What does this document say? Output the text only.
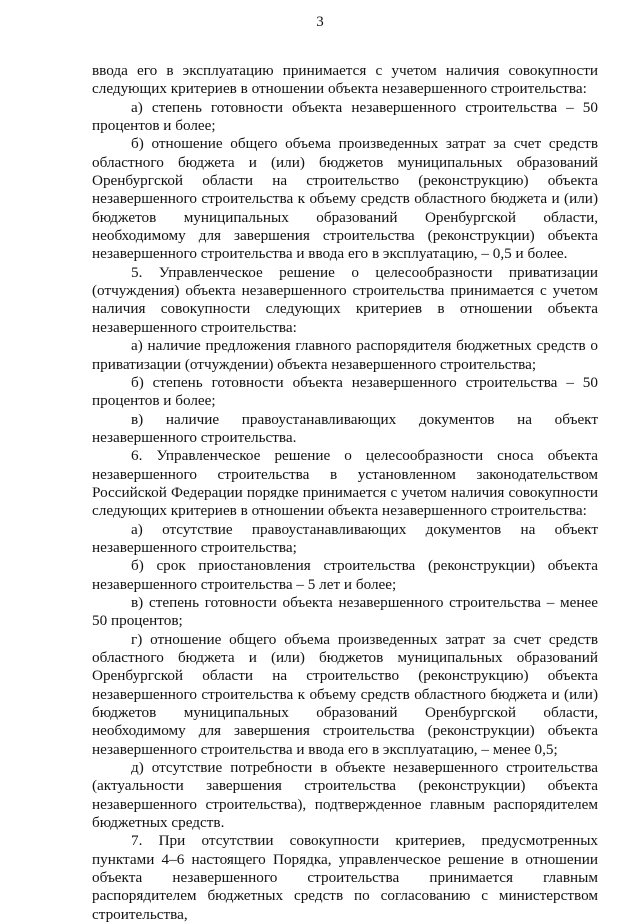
3

ввода его в эксплуатацию принимается с учетом наличия совокупности следующих критериев в отношении объекта незавершенного строительства:

а) степень готовности объекта незавершенного строительства – 50 процентов и более;

б) отношение общего объема произведенных затрат за счет средств областного бюджета и (или) бюджетов муниципальных образований Оренбургской области на строительство (реконструкцию) объекта незавершенного строительства к объему средств областного бюджета и (или) бюджетов муниципальных образований Оренбургской области, необходимому для завершения строительства (реконструкции) объекта незавершенного строительства и ввода его в эксплуатацию, – 0,5 и более.

5. Управленческое решение о целесообразности приватизации (отчуждения) объекта незавершенного строительства принимается с учетом наличия совокупности следующих критериев в отношении объекта незавершенного строительства:

а) наличие предложения главного распорядителя бюджетных средств о приватизации (отчуждении) объекта незавершенного строительства;

б) степень готовности объекта незавершенного строительства – 50 процентов и более;

в) наличие правоустанавливающих документов на объект незавершенного строительства.

6. Управленческое решение о целесообразности сноса объекта незавершенного строительства в установленном законодательством Российской Федерации порядке принимается с учетом наличия совокупности следующих критериев в отношении объекта незавершенного строительства:

а) отсутствие правоустанавливающих документов на объект незавершенного строительства;

б) срок приостановления строительства (реконструкции) объекта незавершенного строительства – 5 лет и более;

в) степень готовности объекта незавершенного строительства – менее 50 процентов;

г) отношение общего объема произведенных затрат за счет средств областного бюджета и (или) бюджетов муниципальных образований Оренбургской области на строительство (реконструкцию) объекта незавершенного строительства к объему средств областного бюджета и (или) бюджетов муниципальных образований Оренбургской области, необходимому для завершения строительства (реконструкции) объекта незавершенного строительства и ввода его в эксплуатацию, – менее 0,5;

д) отсутствие потребности в объекте незавершенного строительства (актуальности завершения строительства (реконструкции) объекта незавершенного строительства), подтвержденное главным распорядителем бюджетных средств.

7. При отсутствии совокупности критериев, предусмотренных пунктами 4–6 настоящего Порядка, управленческое решение в отношении объекта незавершенного строительства принимается главным распорядителем бюджетных средств по согласованию с министерством строительства,
